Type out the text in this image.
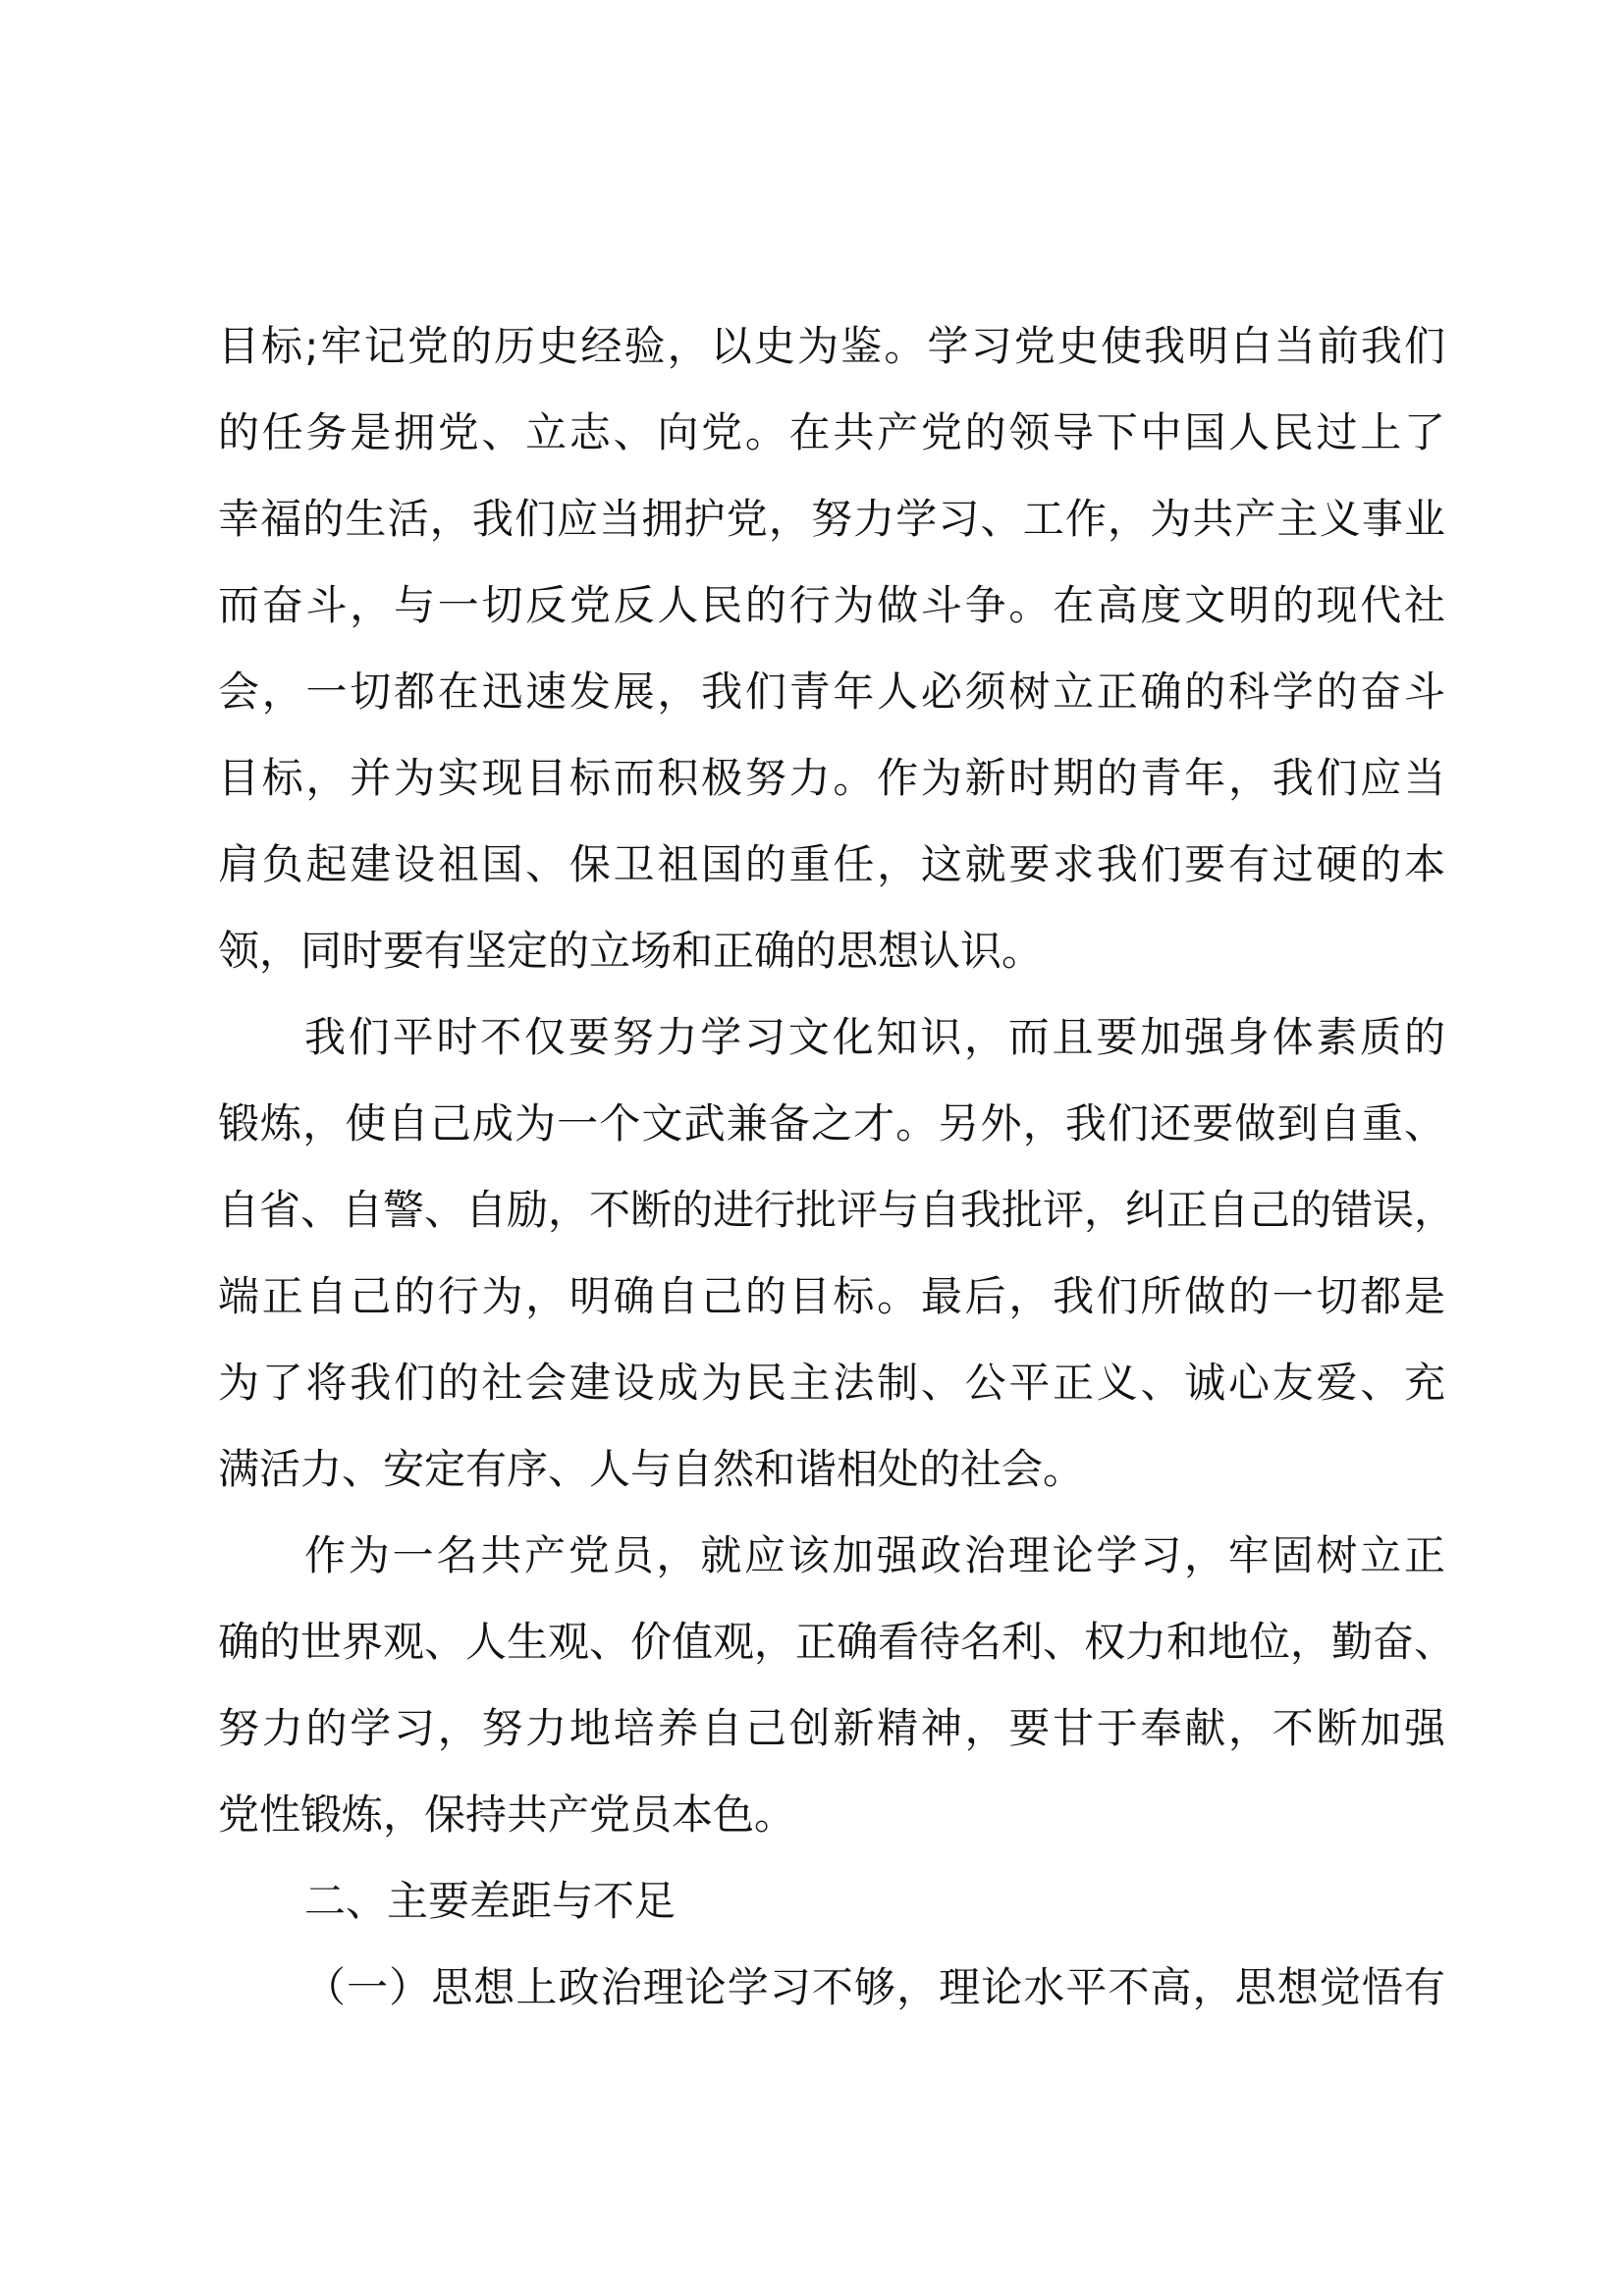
目标;牢记党的历史经验，以史为鉴。学习党史使我明白当前我们
的任务是拥党、立志、向党。在共产党的领导下中国人民过上了
幸福的生活，我们应当拥护党，努力学习、工作，为共产主义事业
而奋斗，与一切反党反人民的行为做斗争。在高度文明的现代社
会，一切都在迅速发展，我们青年人必须树立正确的科学的奋斗
目标，并为实现目标而积极努力。作为新时期的青年，我们应当
肩负起建设祖国、保卫祖国的重任，这就要求我们要有过硬的本
领，同时要有坚定的立场和正确的思想认识。
我们平时不仅要努力学习文化知识，而且要加强身体素质的
锻炼，使自己成为一个文武兼备之才。另外，我们还要做到自重、
自省、自警、自励，不断的进行批评与自我批评，纠正自己的错误，
端正自己的行为，明确自己的目标。最后，我们所做的一切都是
为了将我们的社会建设成为民主法制、公平正义、诚心友爱、充
满活力、安定有序、人与自然和谐相处的社会。
作为一名共产党员，就应该加强政治理论学习，牢固树立正
确的世界观、人生观、价值观，正确看待名利、权力和地位，勤奋、
努力的学习，努力地培养自己创新精神，要甘于奉献，不断加强
党性锻炼，保持共产党员本色。
二、主要差距与不足
（一）思想上政治理论学习不够，理论水平不高，思想觉悟有
